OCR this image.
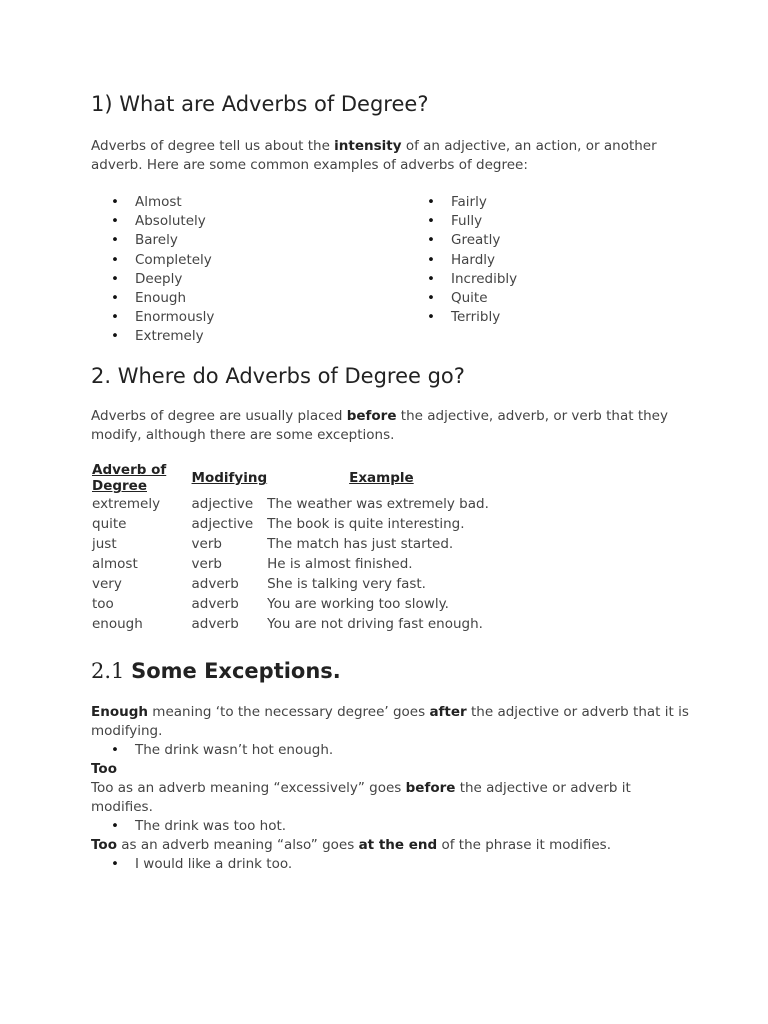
1) What are Adverbs of Degree?

Adverbs of degree tell us about the intensity of an adjective, an action, or another adverb. Here are some common examples of adverbs of degree:

• Almost
• Absolutely
• Barely
• Completely
• Deeply
• Enough
• Enormously
• Extremely
• Fairly
• Fully
• Greatly
• Hardly
• Incredibly
• Quite
• Terribly
2. Where do Adverbs of Degree go?

Adverbs of degree are usually placed before the adjective, adverb, or verb that they modify, although there are some exceptions.

Adverb of Degree	Modifying	Example
extremely	adjective	The weather was extremely bad.
quite	adjective	The book is quite interesting.
just	verb	The match has just started.
almost	verb	He is almost finished.
very	adverb	She is talking very fast.
too	adverb	You are working too slowly.
enough	adverb	You are not driving fast enough.
2.1 Some Exceptions.

Enough meaning ‘to the necessary degree’ goes after the adjective or adverb that it is modifying.

• The drink wasn’t hot enough.

Too

Too as an adverb meaning “excessively” goes before the adjective or adverb it modifies.

• The drink was too hot.

Too as an adverb meaning “also” goes at the end of the phrase it modifies.

• I would like a drink too.
